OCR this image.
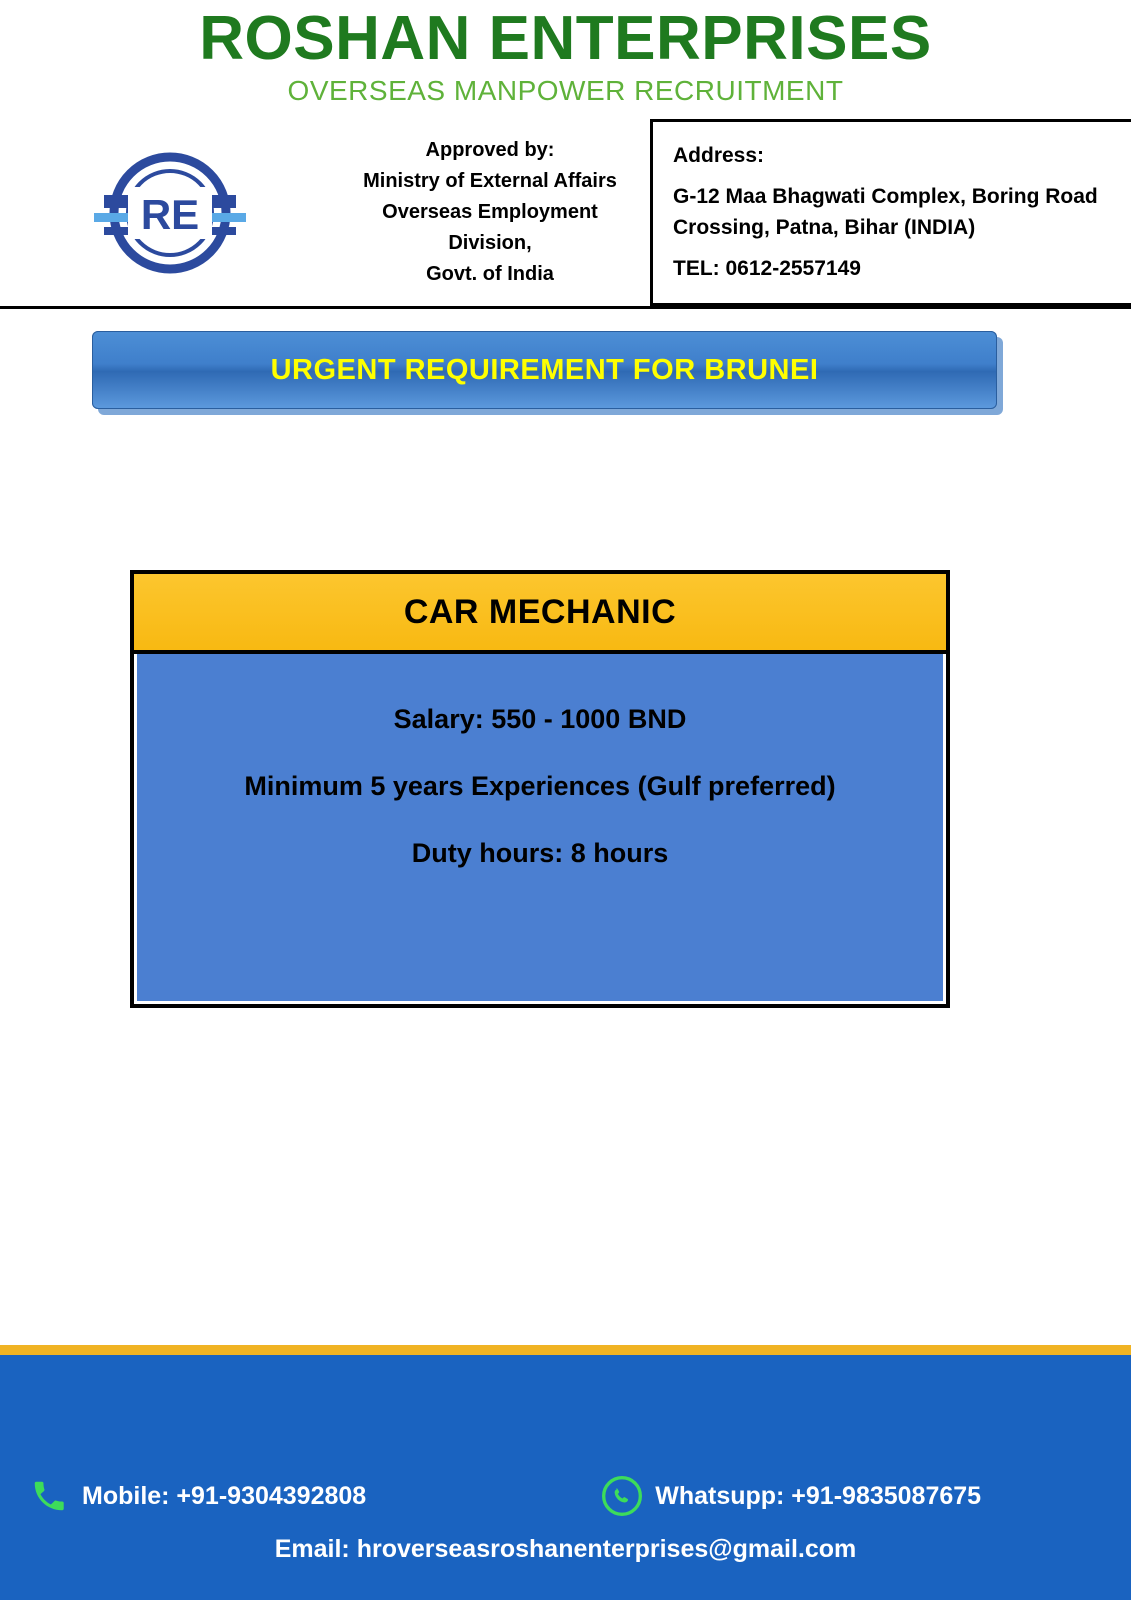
ROSHAN ENTERPRISES
OVERSEAS MANPOWER RECRUITMENT
RE
Approved by:
Ministry of External Affairs
Overseas Employment Division,
Govt. of India
Address:
G-12 Maa Bhagwati Complex, Boring Road Crossing, Patna, Bihar (INDIA)
TEL: 0612-2557149
URGENT REQUIREMENT FOR BRUNEI
CAR MECHANIC
Salary: 550 - 1000 BND
Minimum 5 years Experiences (Gulf preferred)
Duty hours: 8 hours
Mobile: +91-9304392808	Whatsupp: +91-9835087675
Email: hroverseasroshanenterprises@gmail.com
